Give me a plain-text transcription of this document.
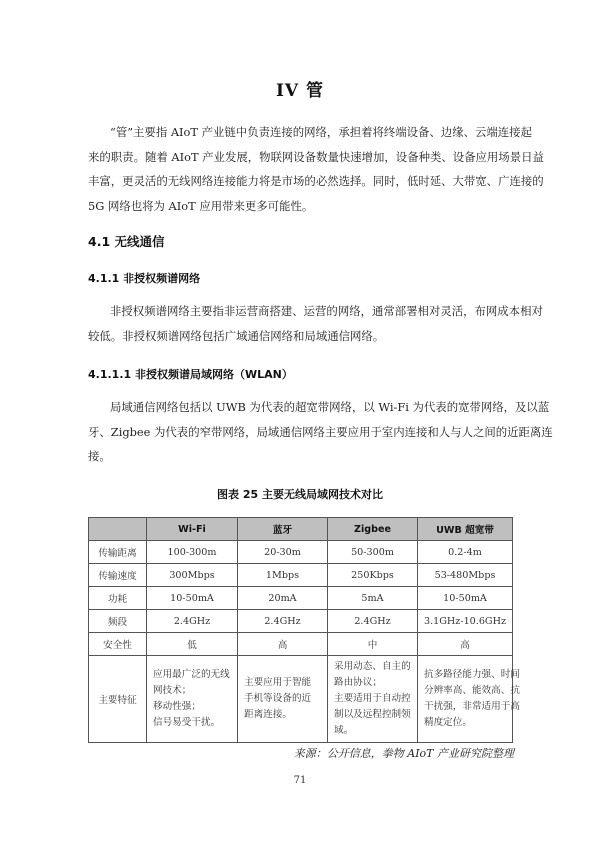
IV 管
“管”主要指 AIoT 产业链中负责连接的网络，承担着将终端设备、边缘、云端连接起
来的职责。随着 AIoT 产业发展，物联网设备数量快速增加，设备种类、设备应用场景日益
丰富，更灵活的无线网络连接能力将是市场的必然选择。同时，低时延、大带宽、广连接的
5G 网络也将为 AIoT 应用带来更多可能性。
4.1 无线通信
4.1.1 非授权频谱网络
非授权频谱网络主要指非运营商搭建、运营的网络，通常部署相对灵活，布网成本相对
较低。非授权频谱网络包括广域通信网络和局域通信网络。
4.1.1.1 非授权频谱局域网络（WLAN）
局域通信网络包括以 UWB 为代表的超宽带网络，以 Wi-Fi 为代表的宽带网络，及以蓝
牙、Zigbee 为代表的窄带网络，局域通信网络主要应用于室内连接和人与人之间的近距离连
接。
图表 25 主要无线局域网技术对比
	Wi-Fi	蓝牙	Zigbee	UWB 超宽带
传输距离	100-300m	20-30m	50-300m	0.2-4m
传输速度	300Mbps	1Mbps	250Kbps	53-480Mbps
功耗	10-50mA	20mA	5mA	10-50mA
频段	2.4GHz	2.4GHz	2.4GHz	3.1GHz-10.6GHz
安全性	低	高	中	高
主要特征	应用最广泛的无线
网技术；
移动性强；
信号易受干扰。	主要应用于智能
手机等设备的近
距离连接。	采用动态、自主的
路由协议；
主要适用于自动控
制以及远程控制领
域。	抗多路径能力强、时间
分辨率高、能效高、抗
干扰强，非常适用于高
精度定位。
来源：公开信息，拳物 AIoT 产业研究院整理
71
